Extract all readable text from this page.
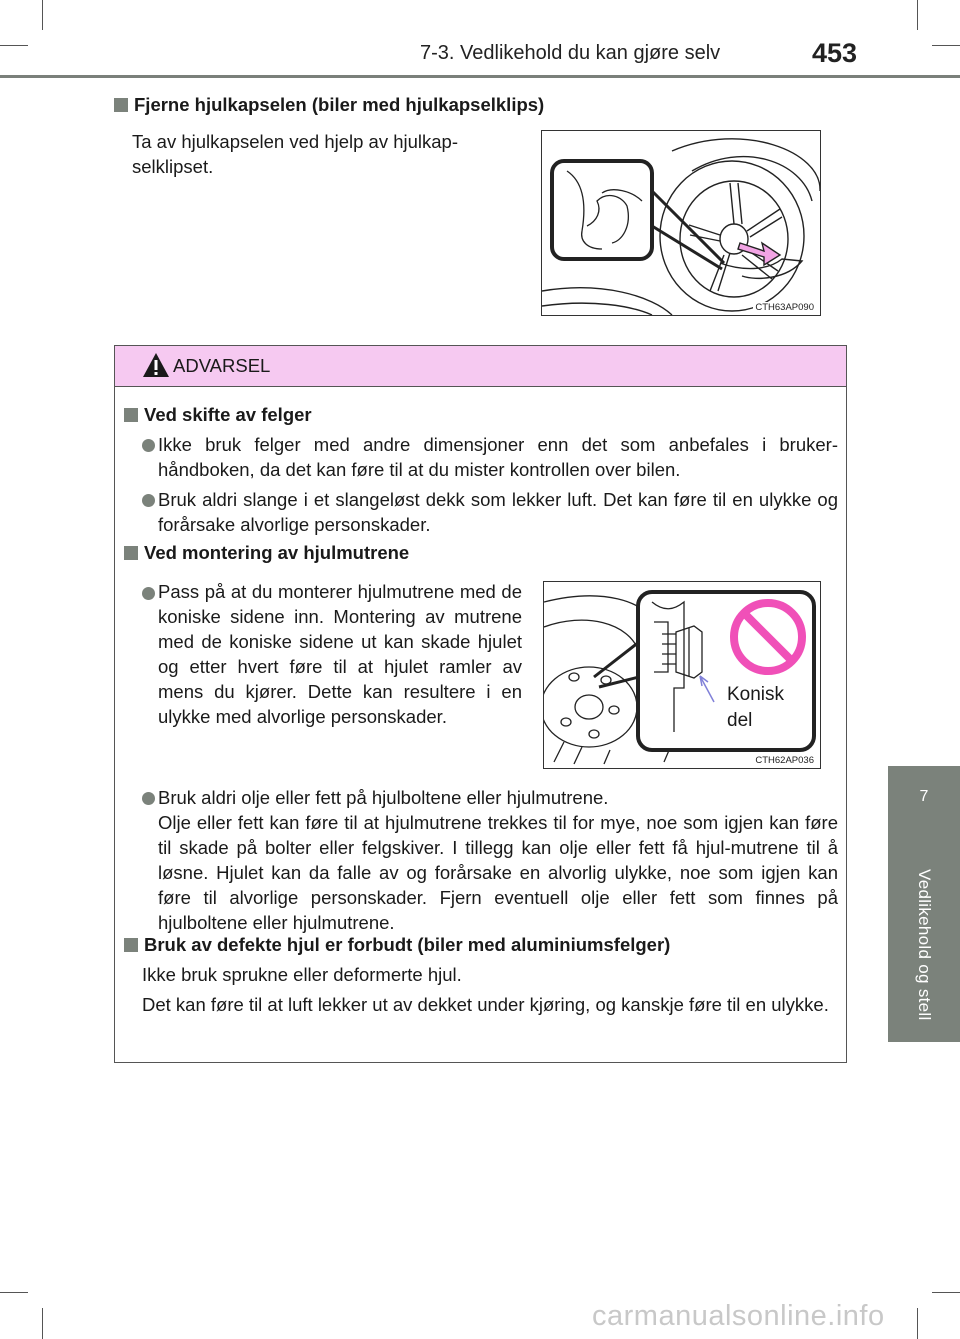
7-3. Vedlikehold du kan gjøre selv	453
7
Vedlikehold og stell
Fjerne hjulkapselen (biler med hjulkapselklips)
Ta av hjulkapselen ved hjelp av hjulkap-
selklipset.
CTH63AP090
ADVARSEL
Ved skifte av felger
Ikke bruk felger med andre dimensjoner enn det som anbefales i bruker-håndboken, da det kan føre til at du mister kontrollen over bilen.
Bruk aldri slange i et slangeløst dekk som lekker luft. Det kan føre til en ulykke og forårsake alvorlige personskader.
Ved montering av hjulmutrene
Pass på at du monterer hjulmutrene med de koniske sidene inn. Montering av mutrene med de koniske sidene ut kan skade hjulet og etter hvert føre til at hjulet ramler av mens du kjører. Dette kan resultere i en ulykke med alvorlige personskader.
Konisk
del
CTH62AP036
Bruk aldri olje eller fett på hjulboltene eller hjulmutrene.
Olje eller fett kan føre til at hjulmutrene trekkes til for mye, noe som igjen kan føre til skade på bolter eller felgskiver. I tillegg kan olje eller fett få hjul-mutrene til å løsne. Hjulet kan da falle av og forårsake en alvorlig ulykke, noe som igjen kan føre til alvorlige personskader. Fjern eventuell olje eller fett som finnes på hjulboltene eller hjulmutrene.
Bruk av defekte hjul er forbudt (biler med aluminiumsfelger)
Ikke bruk sprukne eller deformerte hjul.
Det kan føre til at luft lekker ut av dekket under kjøring, og kanskje føre til en ulykke.
carmanualsonline.info
